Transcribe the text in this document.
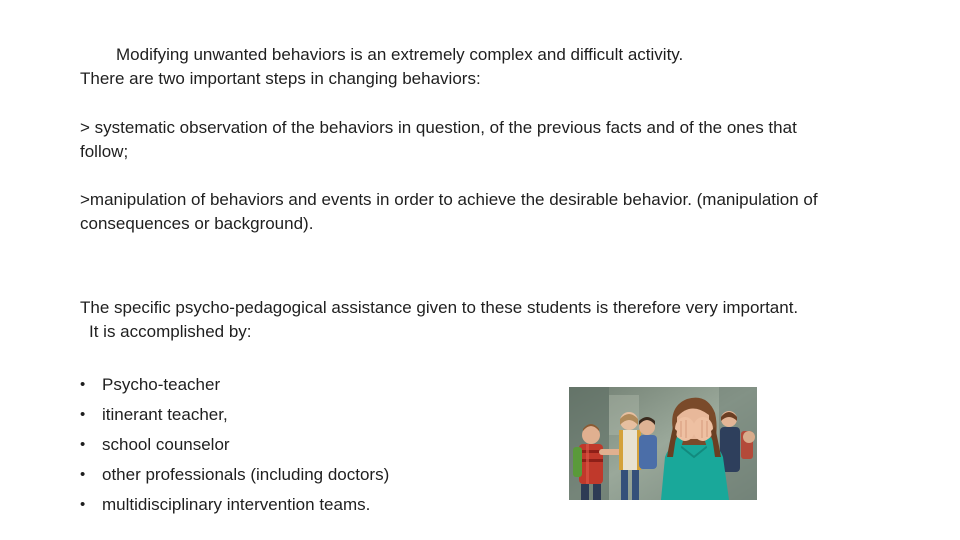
Modifying unwanted behaviors is an extremely complex and difficult activity.
There are two important steps in changing behaviors:

> systematic observation of the behaviors in question, of the previous facts and of the ones that
follow;

>manipulation of behaviors and events in order to achieve the desirable behavior. (manipulation of
consequences or background).

The specific psycho-pedagogical assistance given to these students is therefore very important.
It is accomplished by:

• Psycho-teacher
• itinerant teacher,
• school counselor
• other professionals (including doctors)
• multidisciplinary intervention teams.
